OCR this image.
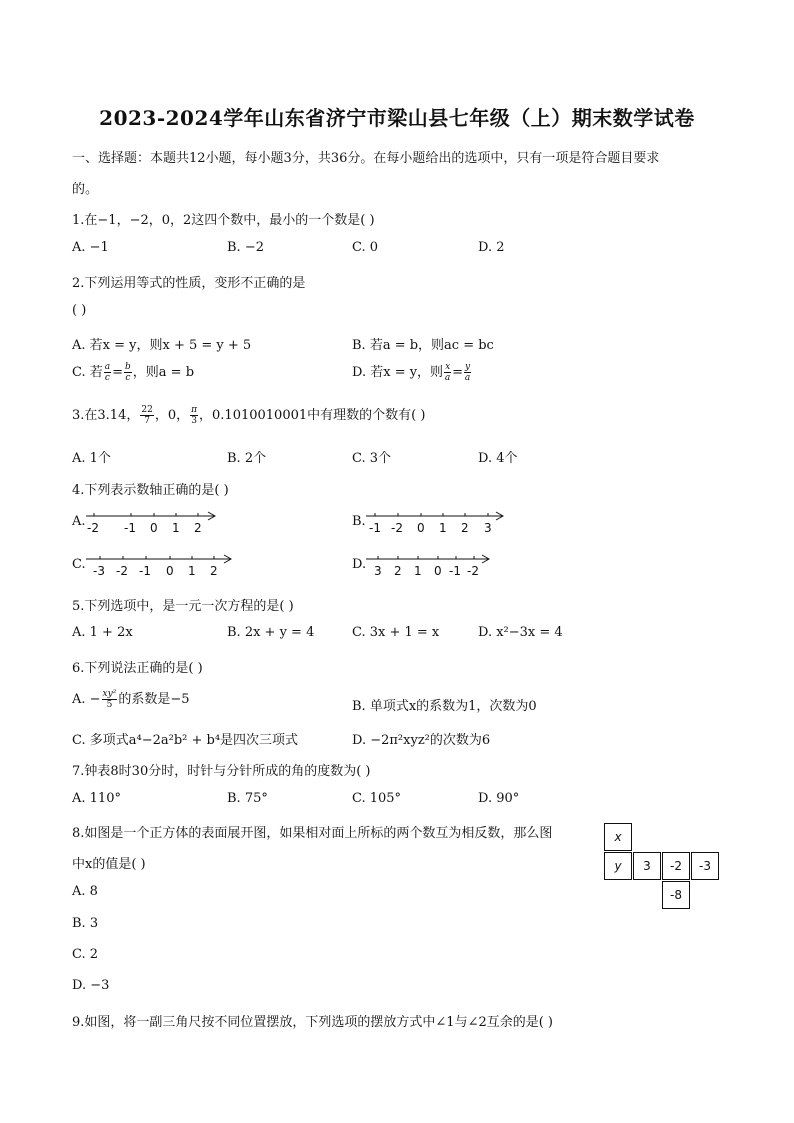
2023-2024学年山东省济宁市梁山县七年级（上）期末数学试卷
一、选择题：本题共12小题，每小题3分，共36分。在每小题给出的选项中，只有一项是符合题目要求
的。
1.在−1，−2，0，2这四个数中，最小的一个数是( )
A. −1	B. −2	C. 0	D. 2
2.下列运用等式的性质，变形不正确的是
( )
A. 若x = y，则x + 5 = y + 5	B. 若a = b，则ac = bc
C. 若 $\frac{a}{c} = \frac{b}{c}$ ，则a = b	D. 若x = y，则 $\frac{x}{a} = \frac{y}{a}$
3.在3.14， $\frac{22}{7}$ ，0， $\frac{\pi}{3}$ ，0.1010010001中有理数的个数有( )
A. 1个	B. 2个	C. 3个	D. 4个
4.下列表示数轴正确的是( )
A. -2 -1 0 1 2	B. -1 -2 0 1 2 3
C. -3 -2 -1 0 1 2	D. 3 2 1 0 -1 -2
5.下列选项中，是一元一次方程的是( )
A. 1 + 2x	B. 2x + y = 4	C. 3x + 1 = x	D. x²−3x = 4
6.下列说法正确的是( )
A. − $\frac{\text{xy²}}{5}$ 的系数是−5	B. 单项式x的系数为1，次数为0
C. 多项式a⁴−2a²b² + b⁴是四次三项式	D. −2π²xyz²的次数为6
7.钟表8时30分时，时针与分针所成的角的度数为( )
A. 110°	B. 75°	C. 105°	D. 90°
8.如图是一个正方体的表面展开图，如果相对面上所标的两个数互为相反数，那么图
中x的值是( )
A. 8
B. 3
C. 2
D. −3
x
y	3	-2	-3
-8
9.如图，将一副三角尺按不同位置摆放，下列选项的摆放方式中∠1与∠2互余的是( )
